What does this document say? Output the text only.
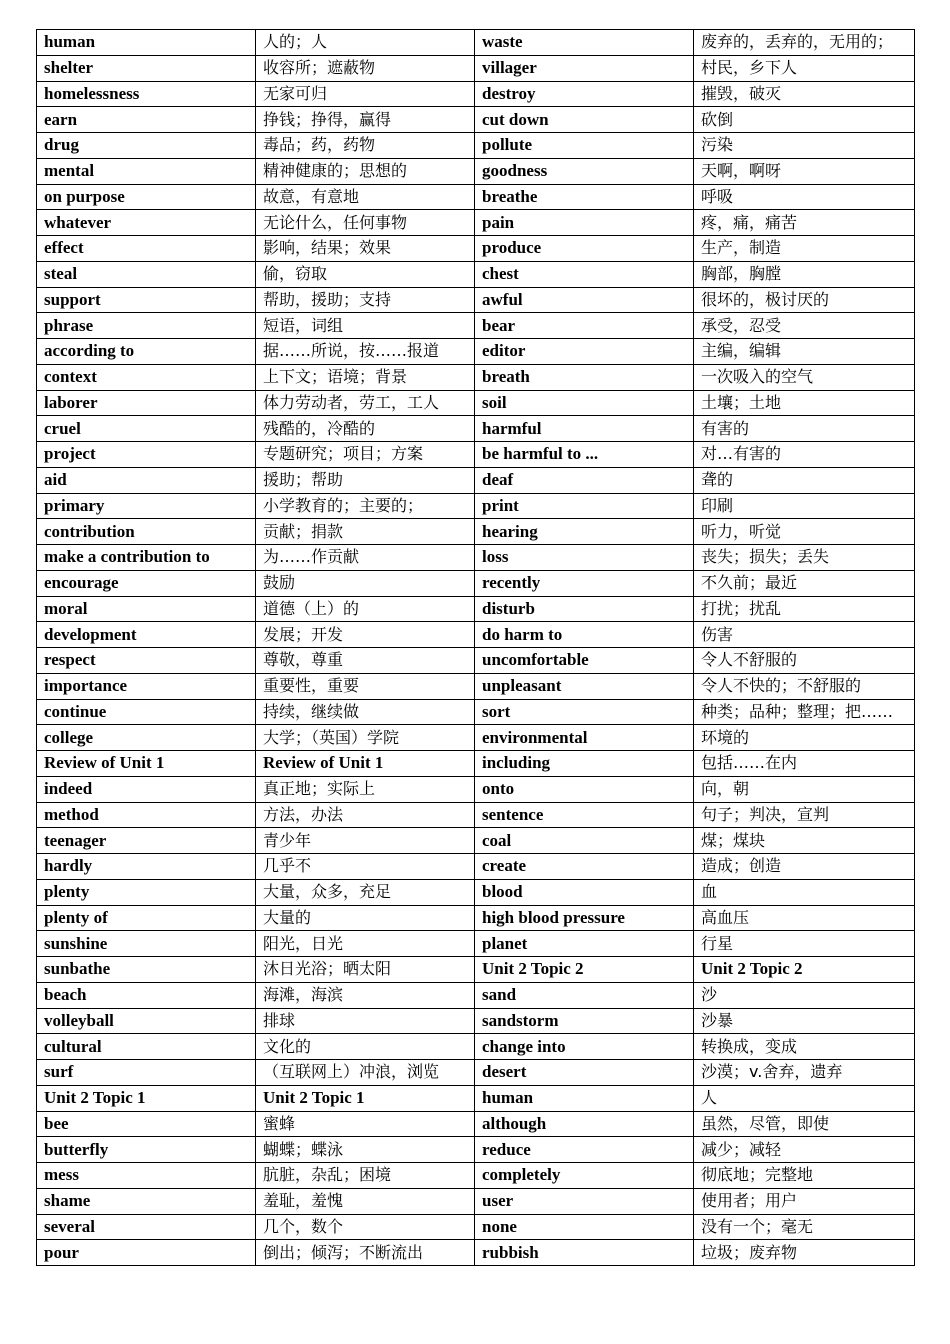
human	人的；人	waste	废弃的，丢弃的，无用的；
shelter	收容所；遮蔽物	villager	村民，乡下人
homelessness	无家可归	destroy	摧毁，破灭
earn	挣钱；挣得，赢得	cut down	砍倒
drug	毒品；药，药物	pollute	污染
mental	精神健康的；思想的	goodness	天啊，啊呀
on purpose	故意，有意地	breathe	呼吸
whatever	无论什么，任何事物	pain	疼，痛，痛苦
effect	影响，结果；效果	produce	生产，制造
steal	偷，窃取	chest	胸部，胸膛
support	帮助，援助；支持	awful	很坏的，极讨厌的
phrase	短语，词组	bear	承受，忍受
according to	据……所说，按……报道	editor	主编，编辑
context	上下文；语境；背景	breath	一次吸入的空气
laborer	体力劳动者，劳工，工人	soil	土壤；土地
cruel	残酷的，冷酷的	harmful	有害的
project	专题研究；项目；方案	be harmful to ...	对…有害的
aid	援助；帮助	deaf	聋的
primary	小学教育的；主要的；	print	印刷
contribution	贡献；捐款	hearing	听力，听觉
make a contribution to	为……作贡献	loss	丧失；损失；丢失
encourage	鼓励	recently	不久前；最近
moral	道德（上）的	disturb	打扰；扰乱
development	发展；开发	do harm to	伤害
respect	尊敬，尊重	uncomfortable	令人不舒服的
importance	重要性，重要	unpleasant	令人不快的；不舒服的
continue	持续，继续做	sort	种类；品种；整理；把……
college	大学；（英国）学院	environmental	环境的
Review of Unit 1	Review of Unit 1	including	包括……在内
indeed	真正地；实际上	onto	向，朝
method	方法，办法	sentence	句子；判决，宣判
teenager	青少年	coal	煤；煤块
hardly	几乎不	create	造成；创造
plenty	大量，众多，充足	blood	血
plenty of	大量的	high blood pressure	高血压
sunshine	阳光，日光	planet	行星
sunbathe	沐日光浴；晒太阳	Unit 2 Topic 2	Unit 2 Topic 2
beach	海滩，海滨	sand	沙
volleyball	排球	sandstorm	沙暴
cultural	文化的	change into	转换成，变成
surf	（互联网上）冲浪，浏览	desert	沙漠；v.舍弃，遗弃
Unit 2 Topic 1	Unit 2 Topic 1	human	人
bee	蜜蜂	although	虽然，尽管，即使
butterfly	蝴蝶；蝶泳	reduce	减少；减轻
mess	肮脏，杂乱；困境	completely	彻底地；完整地
shame	羞耻，羞愧	user	使用者；用户
several	几个，数个	none	没有一个；毫无
pour	倒出；倾泻；不断流出	rubbish	垃圾；废弃物
